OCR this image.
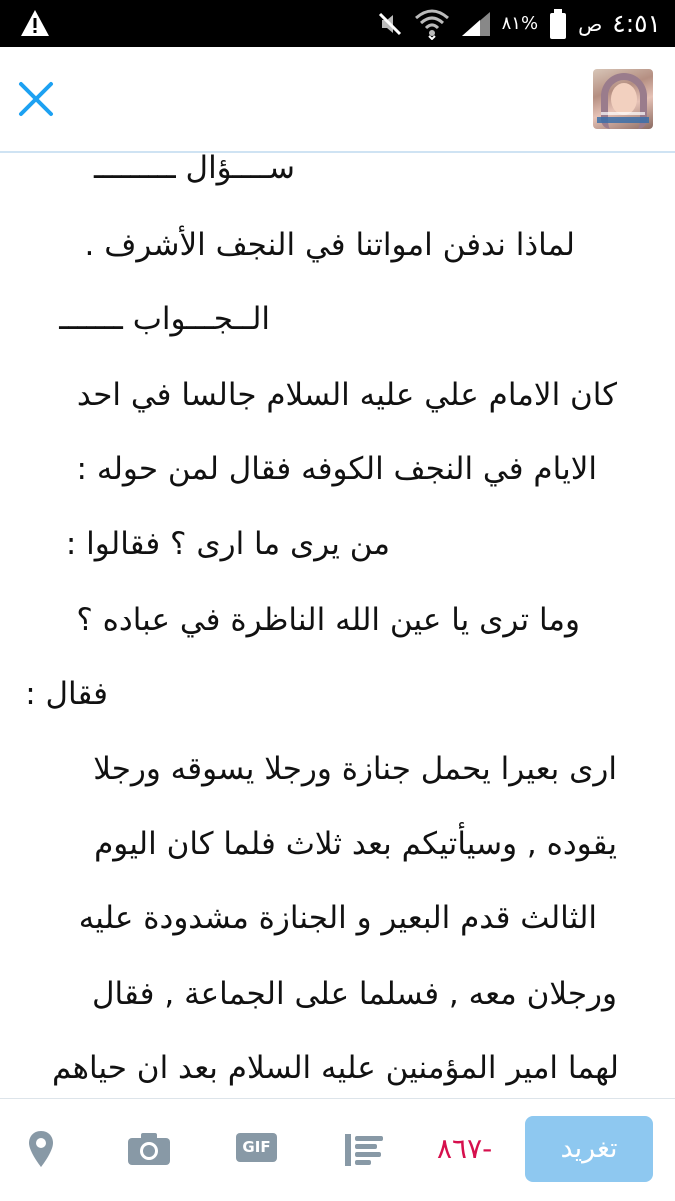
٨١% ص ٤:٥١
ســــؤال ـــــــــ
لماذا ندفن امواتنا في النجف الأشرف .
الــجـــواب ـــــــ
كان الامام علي عليه السلام جالسا في احد
الايام في النجف الكوفه فقال لمن حوله :
من يرى ما ارى ؟ فقالوا :
وما ترى يا عين الله الناظرة في عباده ؟
فقال :
ارى بعيرا يحمل جنازة ورجلا يسوقه ورجلا
يقوده , وسيأتيكم بعد ثلاث فلما كان اليوم
الثالث قدم البعير و الجنازة مشدودة عليه
ورجلان معه , فسلما على الجماعة , فقال
لهما امير المؤمنين عليه السلام بعد ان حياهم
GIF	-٨٦٧	تغريد
